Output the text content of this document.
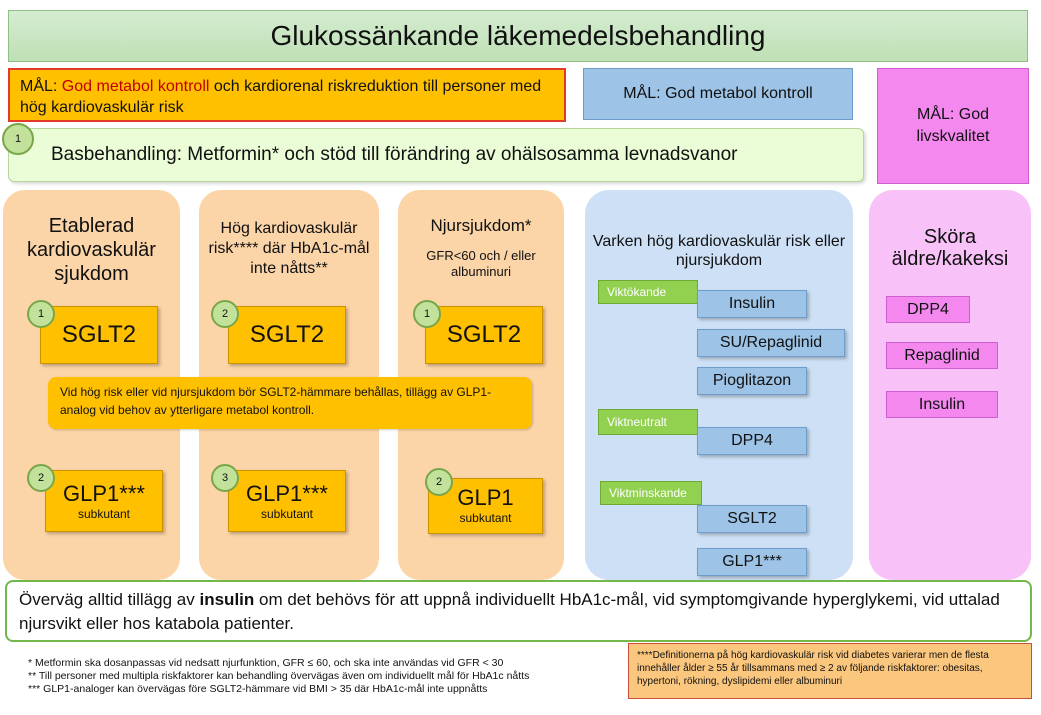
Glukossänkande läkemedelsbehandling
MÅL: God metabol kontroll och kardiorenal riskreduktion till personer med hög kardiovaskulär risk
MÅL: God metabol kontroll
MÅL: God livskvalitet
Basbehandling: Metformin* och stöd till förändring av ohälsosamma levnadsvanor
1
Etablerad kardiovaskulär sjukdom
SGLT2
1
GLP1***
subkutant
2
Hög kardiovaskulär risk**** där HbA1c-mål inte nåtts**
SGLT2
2
GLP1***
subkutant
3
Njursjukdom*
GFR<60 och / eller albuminuri
SGLT2
1
GLP1
subkutant
2
Vid hög risk eller vid njursjukdom bör SGLT2-hämmare behållas, tillägg av GLP1-analog vid behov av ytterligare metabol kontroll.
Varken hög kardiovaskulär risk eller njursjukdom
Viktökande
Insulin
SU/Repaglinid
Pioglitazon
Viktneutralt
DPP4
Viktminskande
SGLT2
GLP1***
Sköra äldre/kakeksi
DPP4
Repaglinid
Insulin
Överväg alltid tillägg av insulin om det behövs för att uppnå individuellt HbA1c-mål, vid symptomgivande hyperglykemi, vid uttalad njursvikt eller hos katabola patienter.
* Metformin ska dosanpassas vid nedsatt njurfunktion, GFR ≤ 60, och ska inte användas vid GFR < 30
** Till personer med multipla riskfaktorer kan behandling övervägas även om individuellt mål för HbA1c nåtts
*** GLP1-analoger kan övervägas före SGLT2-hämmare vid BMI > 35 där HbA1c-mål inte uppnåtts
****Definitionerna på hög kardiovaskulär risk vid diabetes varierar men de flesta innehåller ålder ≥ 55 år tillsammans med ≥ 2 av följande riskfaktorer: obesitas, hypertoni, rökning, dyslipidemi eller albuminuri
